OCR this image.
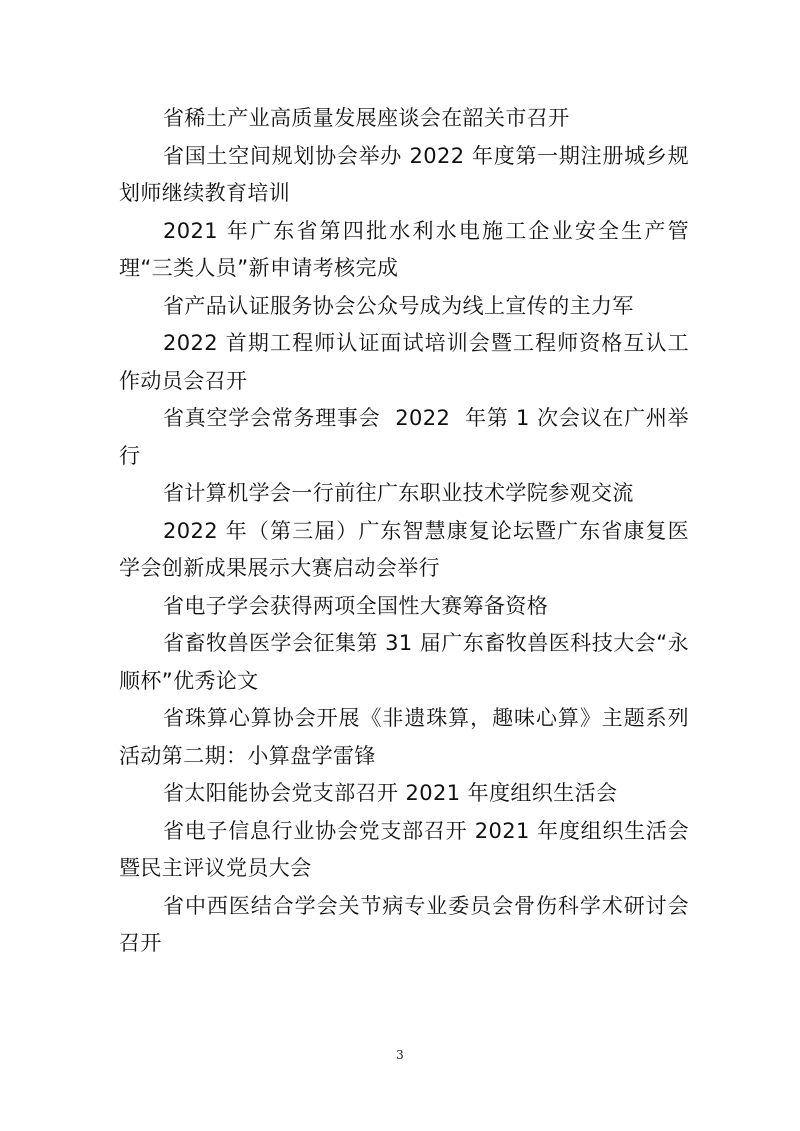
省稀土产业高质量发展座谈会在韶关市召开

省国土空间规划协会举办 2022 年度第一期注册城乡规划师继续教育培训

2021 年广东省第四批水利水电施工企业安全生产管理“三类人员”新申请考核完成

省产品认证服务协会公众号成为线上宣传的主力军

2022 首期工程师认证面试培训会暨工程师资格互认工作动员会召开

省真空学会常务理事会  2022  年第 1 次会议在广州举行

省计算机学会一行前往广东职业技术学院参观交流

2022 年（第三届）广东智慧康复论坛暨广东省康复医学会创新成果展示大赛启动会举行

省电子学会获得两项全国性大赛筹备资格

省畜牧兽医学会征集第 31 届广东畜牧兽医科技大会“永顺杯”优秀论文

省珠算心算协会开展《非遗珠算，趣味心算》主题系列活动第二期：小算盘学雷锋

省太阳能协会党支部召开 2021 年度组织生活会

省电子信息行业协会党支部召开 2021 年度组织生活会暨民主评议党员大会

省中西医结合学会关节病专业委员会骨伤科学术研讨会召开

3
